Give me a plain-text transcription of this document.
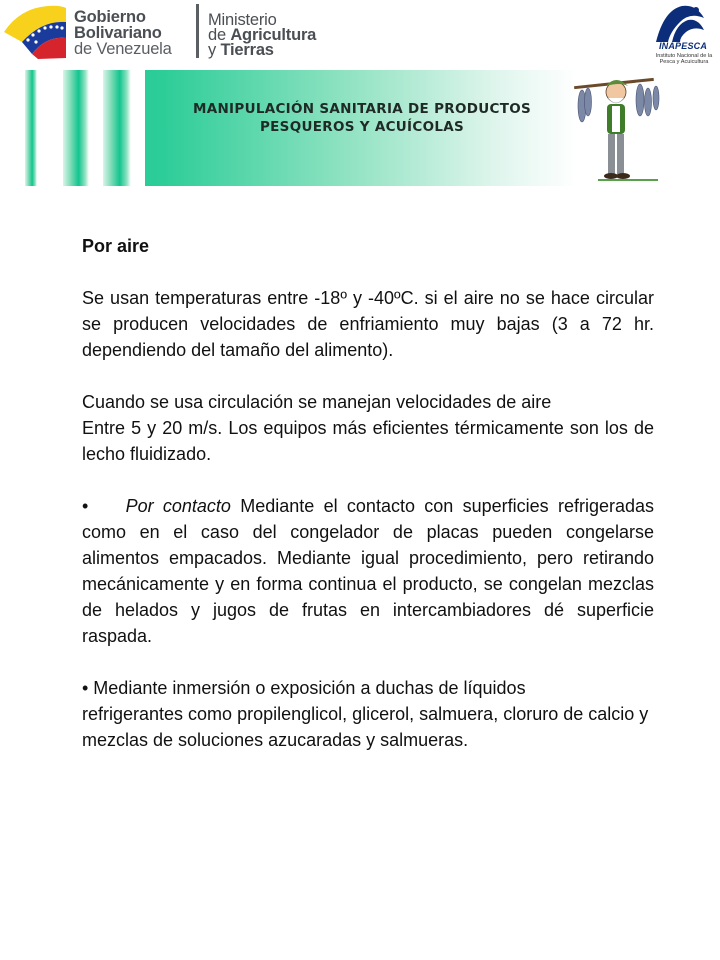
Gobierno
Bolivariano
de Venezuela
Ministerio
de Agricultura
y Tierras	INAPESCA
Instituto Nacional de la
Pesca y Acuicultura
MANIPULACIÓN SANITARIA DE PRODUCTOS
PESQUEROS Y ACUÍCOLAS

Por aire

Se usan temperaturas entre -18º y -40ºC. si el aire no se hace circular se producen velocidades de enfriamiento muy bajas (3 a 72 hr. dependiendo del tamaño del alimento).

Cuando se usa circulación se manejan velocidades de aire

Entre 5 y 20 m/s. Los equipos más eficientes térmicamente son los de lecho fluidizado.

• Por contacto Mediante el contacto con superficies refrigeradas como en el caso del congelador de placas pueden congelarse alimentos empacados. Mediante igual procedimiento, pero retirando mecánicamente y en forma continua el producto, se congelan mezclas de helados y jugos de frutas en intercambiadores dé superficie raspada.

• Mediante inmersión o exposición a duchas de líquidos

refrigerantes como propilenglicol, glicerol, salmuera, cloruro de calcio y mezclas de soluciones azucaradas y salmueras.
